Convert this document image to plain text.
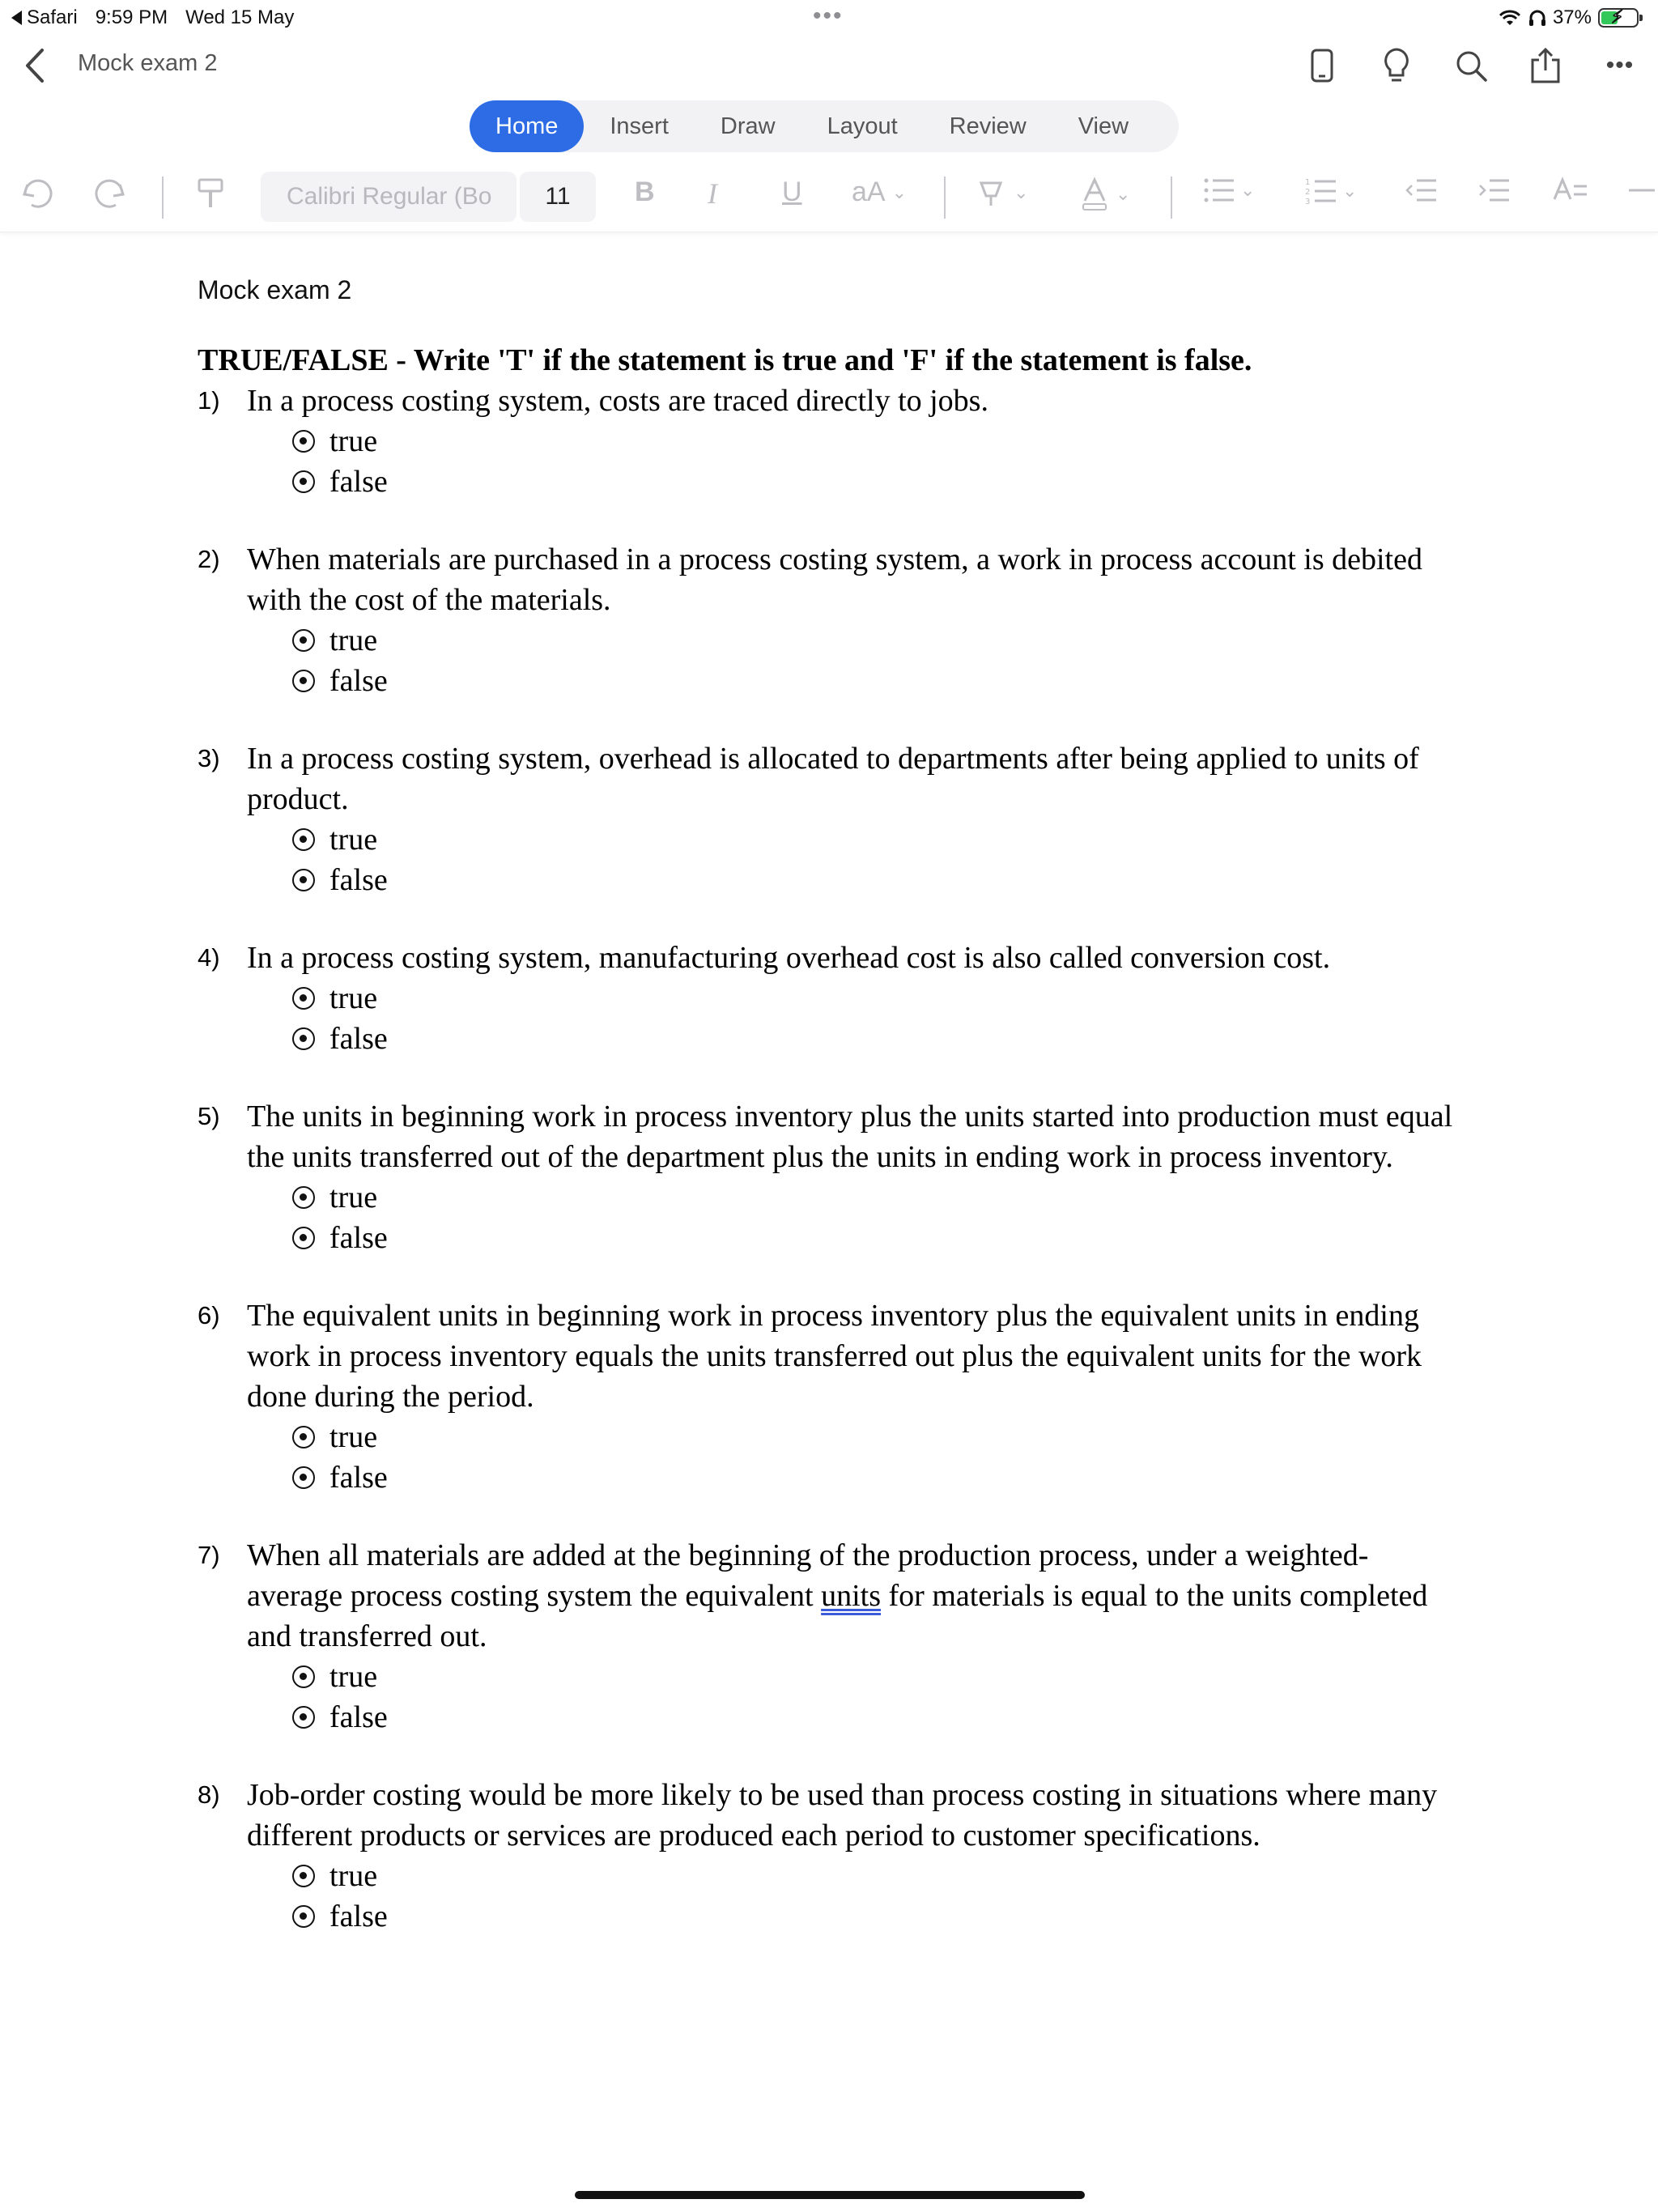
Safari 9:59 PM Wed 15 May	•••	37% ⚡
Mock exam 2	•••
Home	Insert	Draw	Layout	Review	View
Calibri Regular (Bo	11	B I U aA ⌄	⌄	⌄	⌄	1
2
3
⌄
Mock exam 2
TRUE/FALSE - Write 'T' if the statement is true and 'F' if the statement is false.
1) In a process costing system, costs are traced directly to jobs.
true
false
2) When materials are purchased in a process costing system, a work in process account is debited with the cost of the materials.
true
false
3) In a process costing system, overhead is allocated to departments after being applied to units of product.
true
false
4) In a process costing system, manufacturing overhead cost is also called conversion cost.
true
false
5) The units in beginning work in process inventory plus the units started into production must equal the units transferred out of the department plus the units in ending work in process inventory.
true
false
6) The equivalent units in beginning work in process inventory plus the equivalent units in ending work in process inventory equals the units transferred out plus the equivalent units for the work done during the period.
true
false
7) When all materials are added at the beginning of the production process, under a weighted-average process costing system the equivalent units for materials is equal to the units completed and transferred out.
true
false
8) Job-order costing would be more likely to be used than process costing in situations where many different products or services are produced each period to customer specifications.
true
false
